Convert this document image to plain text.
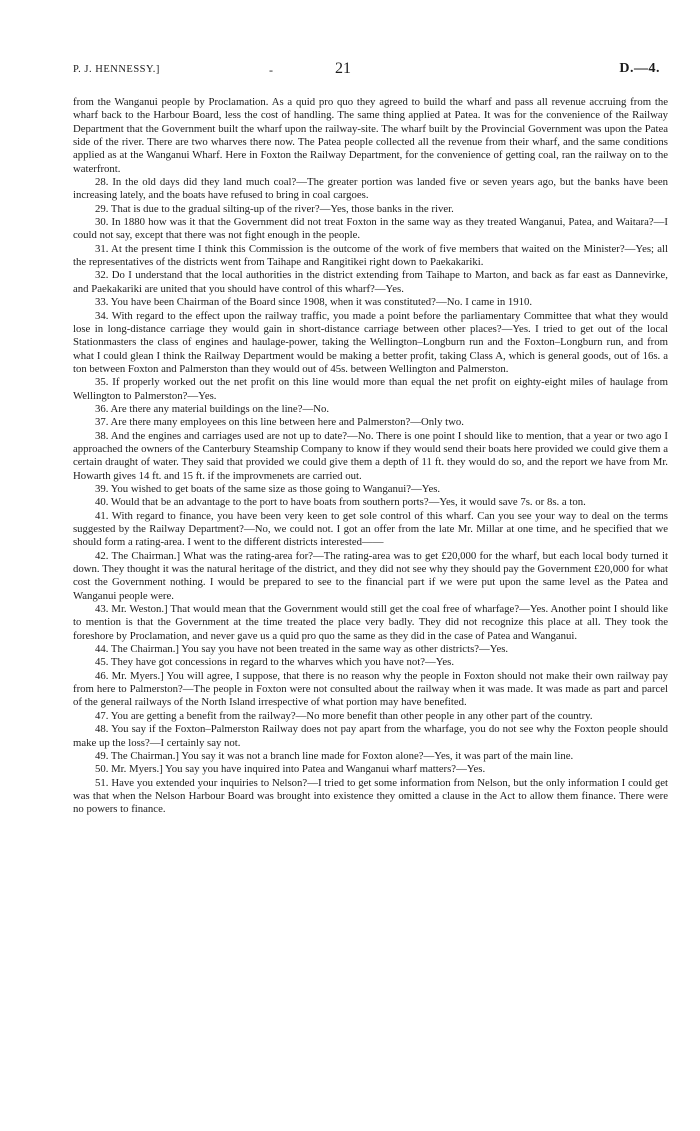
P. J. HENNESSY.]	-	21	D.—4.

from the Wanganui people by Proclamation. As a quid pro quo they agreed to build the wharf and pass all revenue accruing from the wharf back to the Harbour Board, less the cost of handling. The same thing applied at Patea. It was for the convenience of the Railway Department that the Government built the wharf upon the railway-site. The wharf built by the Provincial Government was upon the Patea side of the river. There are two wharves there now. The Patea people collected all the revenue from their wharf, and the same conditions applied as at the Wanganui Wharf. Here in Foxton the Railway Department, for the convenience of getting coal, ran the railway on to the waterfront.

28. In the old days did they land much coal?—The greater portion was landed five or seven years ago, but the banks have been increasing lately, and the boats have refused to bring in coal cargoes.

29. That is due to the gradual silting-up of the river?—Yes, those banks in the river.

30. In 1880 how was it that the Government did not treat Foxton in the same way as they treated Wanganui, Patea, and Waitara?—I could not say, except that there was not fight enough in the people.

31. At the present time I think this Commission is the outcome of the work of five members that waited on the Minister?—Yes; all the representatives of the districts went from Taihape and Rangitikei right down to Paekakariki.

32. Do I understand that the local authorities in the district extending from Taihape to Marton, and back as far east as Dannevirke, and Paekakariki are united that you should have control of this wharf?—Yes.

33. You have been Chairman of the Board since 1908, when it was constituted?—No. I came in 1910.

34. With regard to the effect upon the railway traffic, you made a point before the parliamentary Committee that what they would lose in long-distance carriage they would gain in short-distance carriage between other places?—Yes. I tried to get out of the local Stationmasters the class of engines and haulage-power, taking the Wellington–Longburn run and the Foxton–Longburn run, and from what I could glean I think the Railway Department would be making a better profit, taking Class A, which is general goods, out of 16s. a ton between Foxton and Palmerston than they would out of 45s. between Wellington and Palmerston.

35. If properly worked out the net profit on this line would more than equal the net profit on eighty-eight miles of haulage from Wellington to Palmerston?—Yes.

36. Are there any material buildings on the line?—No.

37. Are there many employees on this line between here and Palmerston?—Only two.

38. And the engines and carriages used are not up to date?—No. There is one point I should like to mention, that a year or two ago I approached the owners of the Canterbury Steamship Company to know if they would send their boats here provided we could give them a certain draught of water. They said that provided we could give them a depth of 11 ft. they would do so, and the report we have from Mr. Howarth gives 14 ft. and 15 ft. if the improvmenets are carried out.

39. You wished to get boats of the same size as those going to Wanganui?—Yes.

40. Would that be an advantage to the port to have boats from southern ports?—Yes, it would save 7s. or 8s. a ton.

41. With regard to finance, you have been very keen to get sole control of this wharf. Can you see your way to deal on the terms suggested by the Railway Department?—No, we could not. I got an offer from the late Mr. Millar at one time, and he specified that we should form a rating-area. I went to the different districts interested——

42. The Chairman.] What was the rating-area for?—The rating-area was to get £20,000 for the wharf, but each local body turned it down. They thought it was the natural heritage of the district, and they did not see why they should pay the Government £20,000 for what cost the Government nothing. I would be prepared to see to the financial part if we were put upon the same level as the Patea and Wanganui people were.

43. Mr. Weston.] That would mean that the Government would still get the coal free of wharfage?—Yes. Another point I should like to mention is that the Government at the time treated the place very badly. They did not recognize this place at all. They took the foreshore by Proclamation, and never gave us a quid pro quo the same as they did in the case of Patea and Wanganui.

44. The Chairman.] You say you have not been treated in the same way as other districts?—Yes.

45. They have got concessions in regard to the wharves which you have not?—Yes.

46. Mr. Myers.] You will agree, I suppose, that there is no reason why the people in Foxton should not make their own railway pay from here to Palmerston?—The people in Foxton were not consulted about the railway when it was made. It was made as part and parcel of the general railways of the North Island irrespective of what portion may have benefited.

47. You are getting a benefit from the railway?—No more benefit than other people in any other part of the country.

48. You say if the Foxton–Palmerston Railway does not pay apart from the wharfage, you do not see why the Foxton people should make up the loss?—I certainly say not.

49. The Chairman.] You say it was not a branch line made for Foxton alone?—Yes, it was part of the main line.

50. Mr. Myers.] You say you have inquired into Patea and Wanganui wharf matters?—Yes.

51. Have you extended your inquiries to Nelson?—I tried to get some information from Nelson, but the only information I could get was that when the Nelson Harbour Board was brought into existence they omitted a clause in the Act to allow them finance. There were no powers to finance.
